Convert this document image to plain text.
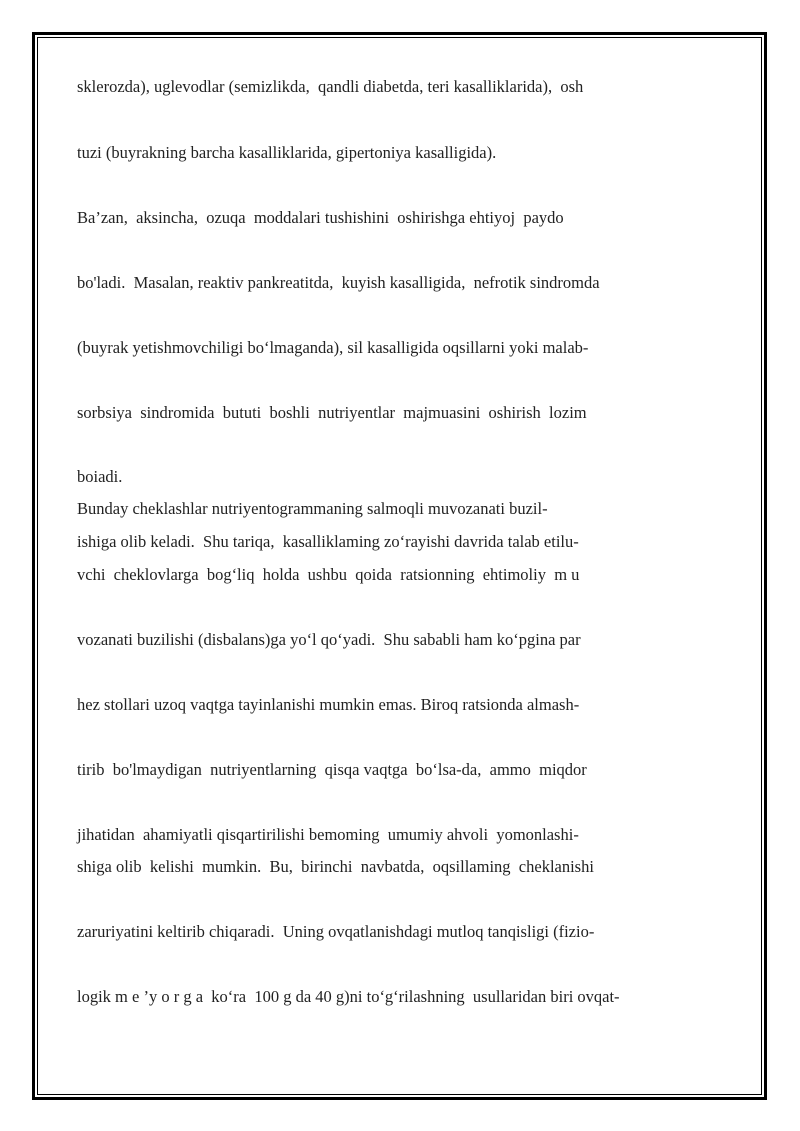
sklerozda), uglevodlar (semizlikda,  qandli diabetda, teri kasalliklarida),  osh
tuzi (buyrakning barcha kasalliklarida, gipertoniya kasalligida).
Ba’zan,  aksincha,  ozuqa  moddalari tushishini  oshirishga ehtiyoj  paydo
bo'ladi.  Masalan, reaktiv pankreatitda,  kuyish kasalligida,  nefrotik sindromda
(buyrak yetishmovchiligi bo‘lmaganda), sil kasalligida oqsillarni yoki malab-
sorbsiya  sindromida  bututi  boshli  nutriyentlar  majmuasini  oshirish  lozim
boiadi.
Bunday cheklashlar nutriyentogrammaning salmoqli muvozanati buzil-
ishiga olib keladi.  Shu tariqa,  kasalliklaming zo‘rayishi davrida talab etilu-
vchi  cheklovlarga  bog‘liq  holda  ushbu  qoida  ratsionning  ehtimoliy  m u
vozanati buzilishi (disbalans)ga yo‘l qo‘yadi.  Shu sababli ham ko‘pgina par
hez stollari uzoq vaqtga tayinlanishi mumkin emas. Biroq ratsionda almash-
tirib  bo'lmaydigan  nutriyentlarning  qisqa vaqtga  bo‘lsa-da,  ammo  miqdor
jihatidan  ahamiyatli qisqartirilishi bemoming  umumiy ahvoli  yomonlashi-
shiga olib  kelishi  mumkin.  Bu,  birinchi  navbatda,  oqsillaming  cheklanishi
zaruriyatini keltirib chiqaradi.  Uning ovqatlanishdagi mutloq tanqisligi (fizio-
logik m e ’y o r g a  ko‘ra  100 g da 40 g)ni to‘g‘rilashning  usullaridan biri ovqat-
